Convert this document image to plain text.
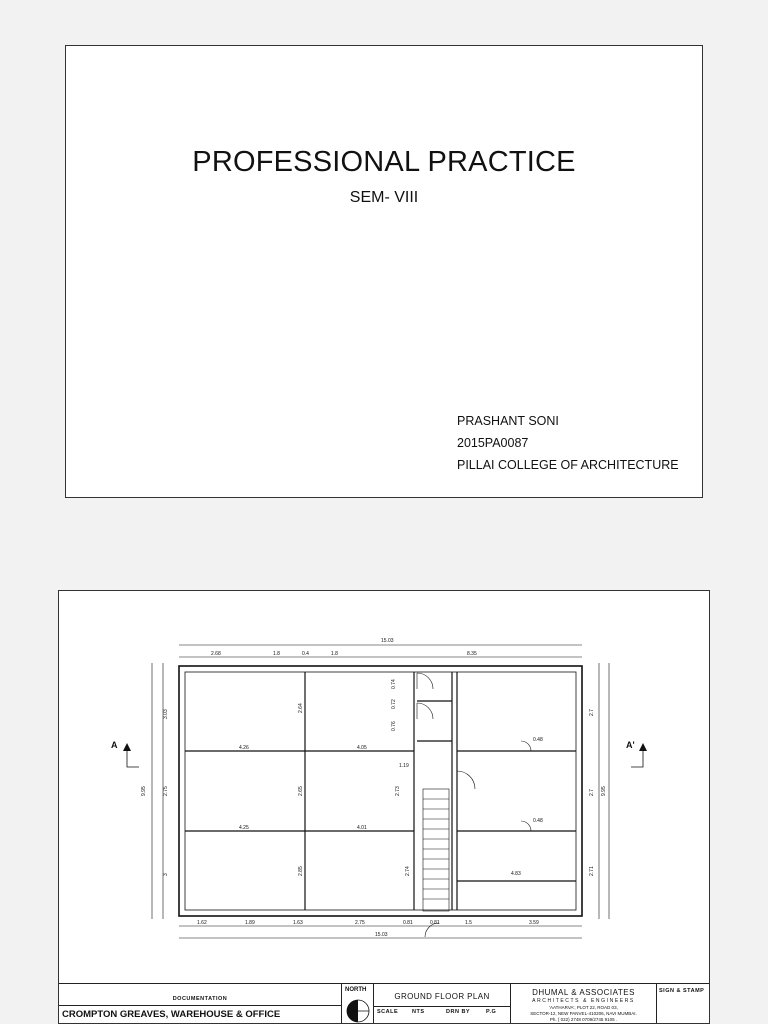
PROFESSIONAL PRACTICE
SEM- VIII
PRASHANT SONI
2015PA0087
PILLAI COLLEGE OF ARCHITECTURE
A	A'
15.03
2.68	1.8	0.4	1.8	8.35
1.62	1.89	1.63	2.75	0.81	0.81	1.5	3.59
15.03
9.95
3.03
2.75
3
9.95
2.7
2.7
2.71
4.26	4.05
4.25	4.01
2.64
2.65
2.85
2.73
2.74
0.74
0.72
0.76
1.19
0.48
0.48
4.83
DOCUMENTATION
CROMPTON GREAVES, WAREHOUSE & OFFICE
NORTH
GROUND FLOOR PLAN
SCALE	NTS	DRN BY	P.G
DHUMAL & ASSOCIATES
ARCHITECTS & ENGINEERS
'AATHARVA', PLOT 22, ROAD 03,
SECTOR-12, NEW PANVEL-410206, NAVI MUMBAI.
Ph. ( 022) 2748 0709/2745 9105 .
SIGN & STAMP
